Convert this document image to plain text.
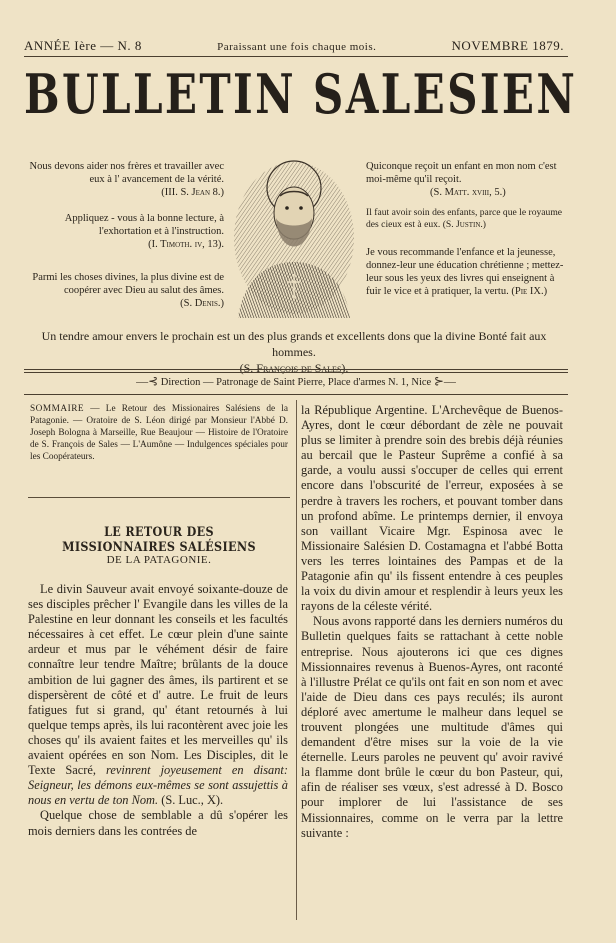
ANNÉE Ière — N. 8	Paraissant une fois chaque mois.	NOVEMBRE 1879.
BULLETIN SALESIEN
Nous devons aider nos frères et travailler avec eux à l' avancement de la vérité.
(III. S. Jean 8.)
Appliquez - vous à la bonne lecture, à l'exhortation et à l'instruction.
(I. Timoth. iv, 13).
Parmi les choses divines, la plus divine est de coopérer avec Dieu au salut des âmes.
(S. Denis.)
Quiconque reçoit un enfant en mon nom c'est moi-même qu'il reçoit.
(S. Matt. xviii, 5.)
Il faut avoir soin des enfants, parce que le royaume des cieux est à eux. (S. Justin.)
Je vous recommande l'enfance et la jeunesse, donnez-leur une éducation chrétienne ; mettez-leur sous les yeux des livres qui enseignent à fuir le vice et à pratiquer, la vertu. (Pie IX.)
Un tendre amour envers le prochain est un des plus grands et excellents dons que la divine Bonté fait aux hommes.
(S. François de Sales).
—⊰ Direction — Patronage de Saint Pierre, Place d'armes N. 1, Nice ⊱—
SOMMAIRE — Le Retour des Missionaires Salésiens de la Patagonie. — Oratoire de S. Léon dirigé par Monsieur l'Abbé D. Joseph Bologna à Marseille, Rue Beaujour — Histoire de l'Oratoire de S. François de Sales — L'Aumône — Indulgences spéciales pour les Coopérateurs.
LE RETOUR DES MISSIONNAIRES SALÉSIENS
DE LA PATAGONIE.

Le divin Sauveur avait envoyé soixante-douze de ses disciples prêcher l' Evangile dans les villes de la Palestine en leur donnant les conseils et les facultés nécessaires à cet effet. Le cœur plein d'une sainte ardeur et mus par le véhément désir de faire connaître leur tendre Maître; brûlants de la douce ambition de lui gagner des âmes, ils partirent et se dispersèrent de côté et d' autre. Le fruit de leurs fatigues fut si grand, qu' étant retournés à lui quelque temps après, ils lui racontèrent avec joie les choses qu' ils avaient faites et les merveilles qu' ils avaient opérées en son Nom. Les Disciples, dit le Texte Sacré, revinrent joyeusement en disant: Seigneur, les démons eux-mêmes se sont assujettis à nous en vertu de ton Nom. (S. Luc., X).

Quelque chose de semblable a dû s'opérer les mois derniers dans les contrées de

la République Argentine. L'Archevêque de Buenos-Ayres, dont le cœur débordant de zèle ne pouvait plus se limiter à prendre soin des brebis déjà réunies au bercail que le Pasteur Suprême a confié à sa garde, a voulu aussi s'occuper de celles qui errent encore dans l'obscurité de l'erreur, exposées à se perdre à travers les rochers, et pouvant tomber dans un profond abîme. Le printemps dernier, il envoya son vaillant Vicaire Mgr. Espinosa avec le Missionaire Salésien D. Costamagna et l'abbé Botta vers les terres lointaines des Pampas et de la Patagonie afin qu' ils fissent entendre à ces peuples la voix du divin amour et resplendir à leurs yeux les rayons de la céleste vérité.

Nous avons rapporté dans les derniers numéros du Bulletin quelques faits se rattachant à cette noble entreprise. Nous ajouterons ici que ces dignes Missionnaires revenus à Buenos-Ayres, ont raconté à l'illustre Prélat ce qu'ils ont fait en son nom et avec l'aide de Dieu dans ces pays reculés; ils auront déploré avec amertume le malheur dans lequel se trouvent plongées une multitude d'âmes qui demandent d'être mises sur la voie de la vie éternelle. Leurs paroles ne peuvent qu' avoir ravivé la flamme dont brûle le cœur du bon Pasteur, qui, afin de réaliser ses vœux, s'est adressé à D. Bosco pour implorer de lui l'assistance de ses Missionnaires, comme on le verra par la lettre suivante :
